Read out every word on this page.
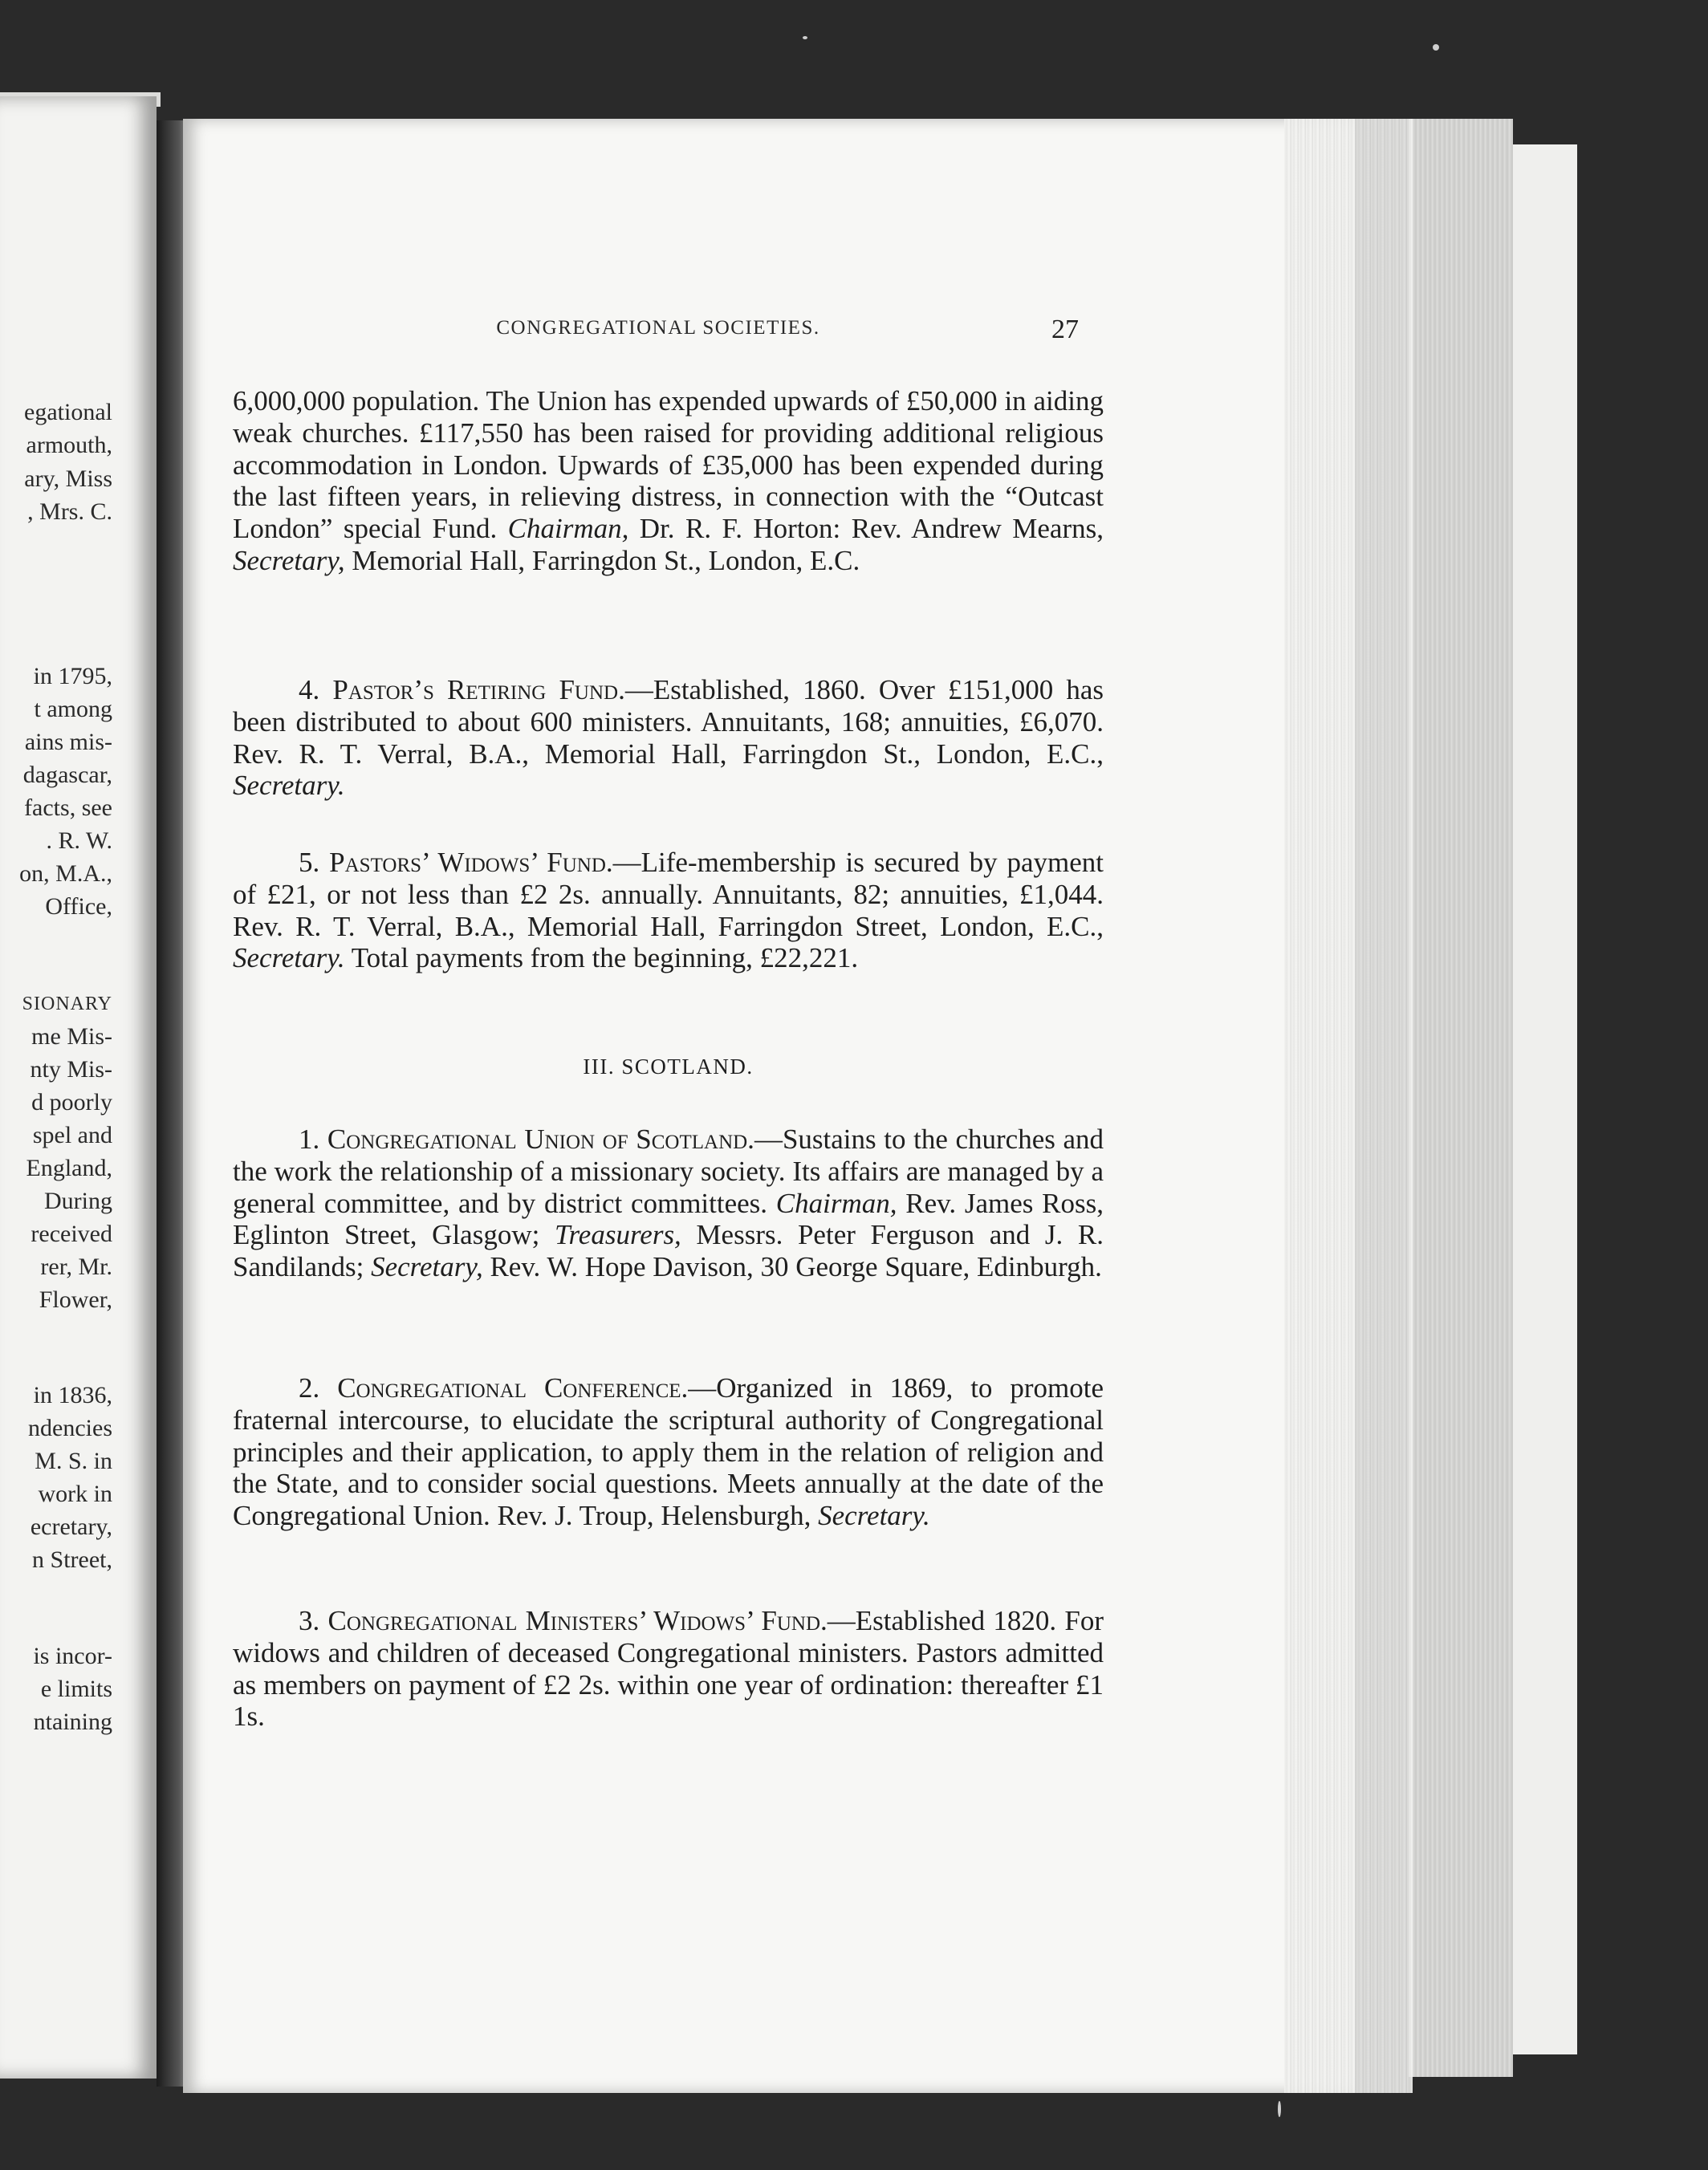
egational
armouth,
ary, Miss
, Mrs. C.
in 1795,
t among
ains mis-
dagascar,
facts, see
. R. W.
on, M.A.,
Office,
SIONARY
me Mis-
nty Mis-
d poorly
spel and
England,
During
received
rer, Mr.
Flower,
in 1836,
ndencies
M. S. in
work in
ecretary,
n Street,
is incor-
e limits
ntaining
CONGREGATIONAL SOCIETIES.	27

6,000,000 population. The Union has expended upwards of £50,000 in aiding weak churches. £117,550 has been raised for providing additional religious accommodation in London. Upwards of £35,000 has been expended during the last fifteen years, in relieving distress, in connection with the “Outcast London” special Fund. Chairman, Dr. R. F. Horton: Rev. Andrew Mearns, Secretary, Memorial Hall, Farringdon St., London, E.C.

4. Pastor’s Retiring Fund.—Established, 1860. Over £151,000 has been distributed to about 600 ministers. Annuitants, 168; annuities, £6,070. Rev. R. T. Verral, B.A., Memorial Hall, Farringdon St., London, E.C., Secretary.

5. Pastors’ Widows’ Fund.—Life-membership is secured by payment of £21, or not less than £2 2s. annually. Annuitants, 82; annuities, £1,044. Rev. R. T. Verral, B.A., Memorial Hall, Farringdon Street, London, E.C., Secretary. Total payments from the beginning, £22,221.

III. SCOTLAND.

1. Congregational Union of Scotland.—Sustains to the churches and the work the relationship of a missionary society. Its affairs are managed by a general committee, and by district committees. Chairman, Rev. James Ross, Eglinton Street, Glasgow; Treasurers, Messrs. Peter Ferguson and J. R. Sandilands; Secretary, Rev. W. Hope Davison, 30 George Square, Edinburgh.

2. Congregational Conference.—Organized in 1869, to promote fraternal intercourse, to elucidate the scriptural authority of Congregational principles and their application, to apply them in the relation of religion and the State, and to consider social questions. Meets annually at the date of the Congregational Union. Rev. J. Troup, Helensburgh, Secretary.

3. Congregational Ministers’ Widows’ Fund.—Established 1820. For widows and children of deceased Congregational ministers. Pastors admitted as members on payment of £2 2s. within one year of ordination: thereafter £1 1s.
